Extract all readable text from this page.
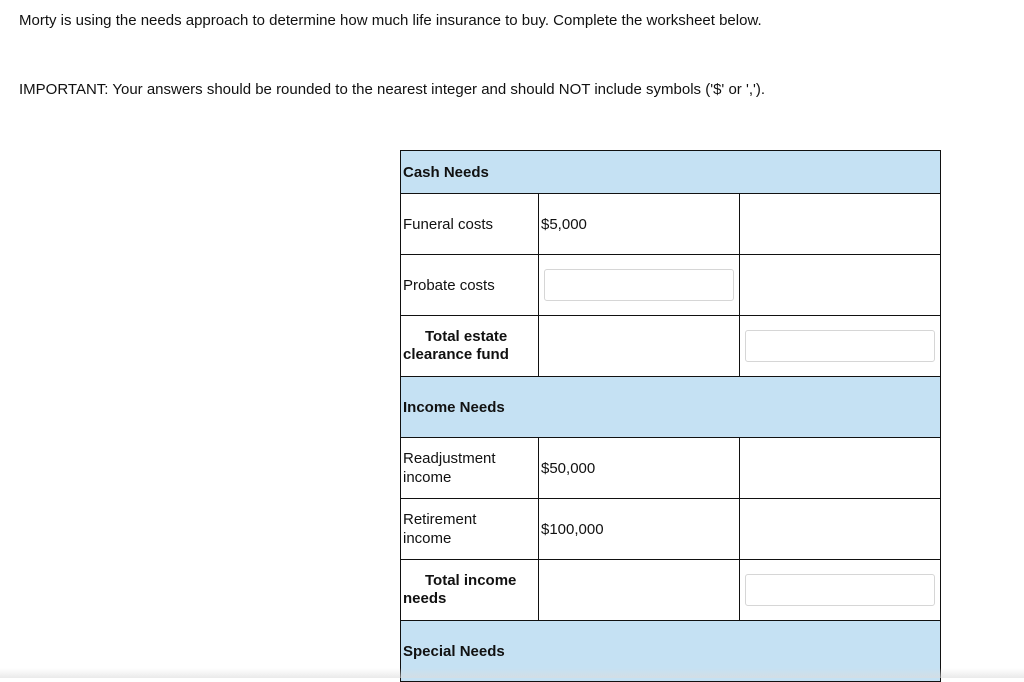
Morty is using the needs approach to determine how much life insurance to buy. Complete the worksheet below.

IMPORTANT: Your answers should be rounded to the nearest integer and should NOT include symbols ('$' or ',').

Cash Needs		
Funeral costs	$5,000	
Probate costs	

Total estate
clearance fund

Income Needs		

Readjustment
income	$50,000	

Retirement
income	$100,000	

Total income
needs

Special Needs		
